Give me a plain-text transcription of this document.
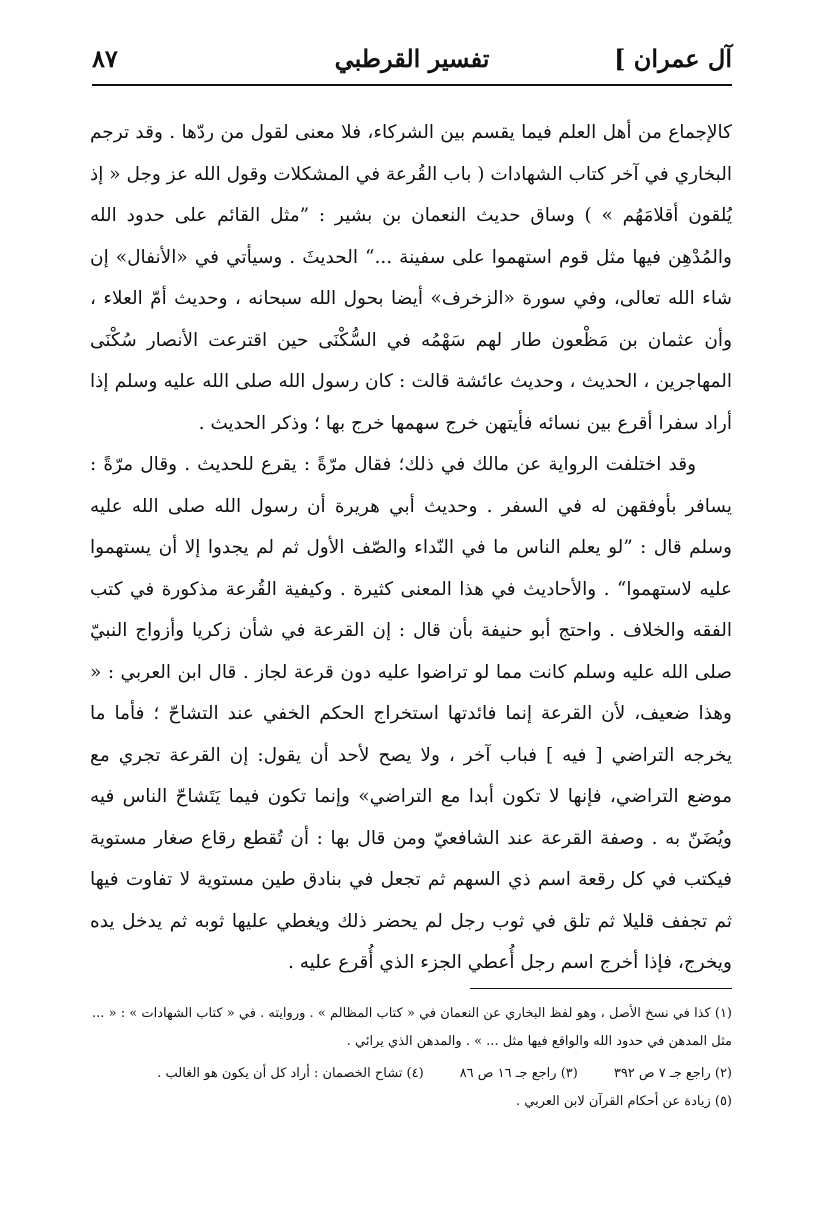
آل عمران ]
تفسير القرطبي
٨٧

كالإجماع من أهل العلم فيما يقسم بين الشركاء، فلا معنى لقول من ردّها . وقد ترجم البخاري في آخر كتاب الشهادات ( باب القُرعة في المشكلات وقول الله عز وجل « إذ يُلقون أقلامَهُم » ) وساق حديث النعمان بن بشير : ”مثل القائم على حدود الله والمُدْهِن فيها مثل قوم استهموا على سفينة ...“ الحديثَ . وسيأتي في «الأنفال» إن شاء الله تعالى، وفي سورة «الزخرف» أيضا بحول الله سبحانه ، وحديث أمّ العلاء ، وأن عثمان بن مَظْعون طار لهم سَهْمُه في السُّكْنَى حين اقترعت الأنصار سُكْنَى المهاجرين ، الحديث ، وحديث عائشة قالت : كان رسول الله صلى الله عليه وسلم إذا أراد سفرا أقرع بين نسائه فأيتهن خرج سهمها خرج بها ؛ وذكر الحديث .

وقد اختلفت الرواية عن مالك في ذلك؛ فقال مرّةً : يقرع للحديث . وقال مرّةً : يسافر بأوفقهن له في السفر . وحديث أبي هريرة أن رسول الله صلى الله عليه وسلم قال : ”لو يعلم الناس ما في النّداء والصّف الأول ثم لم يجدوا إلا أن يستهموا عليه لاستهموا“ . والأحاديث في هذا المعنى كثيرة . وكيفية القُرعة مذكورة في كتب الفقه والخلاف . واحتج أبو حنيفة بأن قال : إن القرعة في شأن زكريا وأزواج النبيّ صلى الله عليه وسلم كانت مما لو تراضوا عليه دون قرعة لجاز . قال ابن العربي : « وهذا ضعيف، لأن القرعة إنما فائدتها استخراج الحكم الخفي عند التشاحّ ؛ فأما ما يخرجه التراضي [ فيه ] فباب آخر ، ولا يصح لأحد أن يقول: إن القرعة تجري مع موضع التراضي، فإنها لا تكون أبدا مع التراضي» وإنما تكون فيما يَتَشاحّ الناس فيه ويُضَنّ به . وصفة القرعة عند الشافعيّ ومن قال بها : أن تُقطع رقاع صغار مستوية فيكتب في كل رقعة اسم ذي السهم ثم تجعل في بنادق طين مستوية لا تفاوت فيها ثم تجفف قليلا ثم تلق في ثوب رجل لم يحضر ذلك ويغطي عليها ثوبه ثم يدخل يده ويخرج، فإذا أخرج اسم رجل أُعطي الجزء الذي أُقرع عليه .

(١) كذا في نسخ الأصل ، وهو لفظ البخاري عن النعمان في « كتاب المظالم » . وروايته . في « كتاب الشهادات » : « ... مثل المدهن في حدود الله والواقع فيها مثل ... » . والمدهن الذي يرائي .

(٢) راجع جـ ٧ ص ٣٩٢
(٣) راجع جـ ١٦ ص ٨٦
(٤) تشاح الخصمان : أراد كل أن يكون هو الغالب .

(٥) زيادة عن أحكام القرآن لابن العربي .
